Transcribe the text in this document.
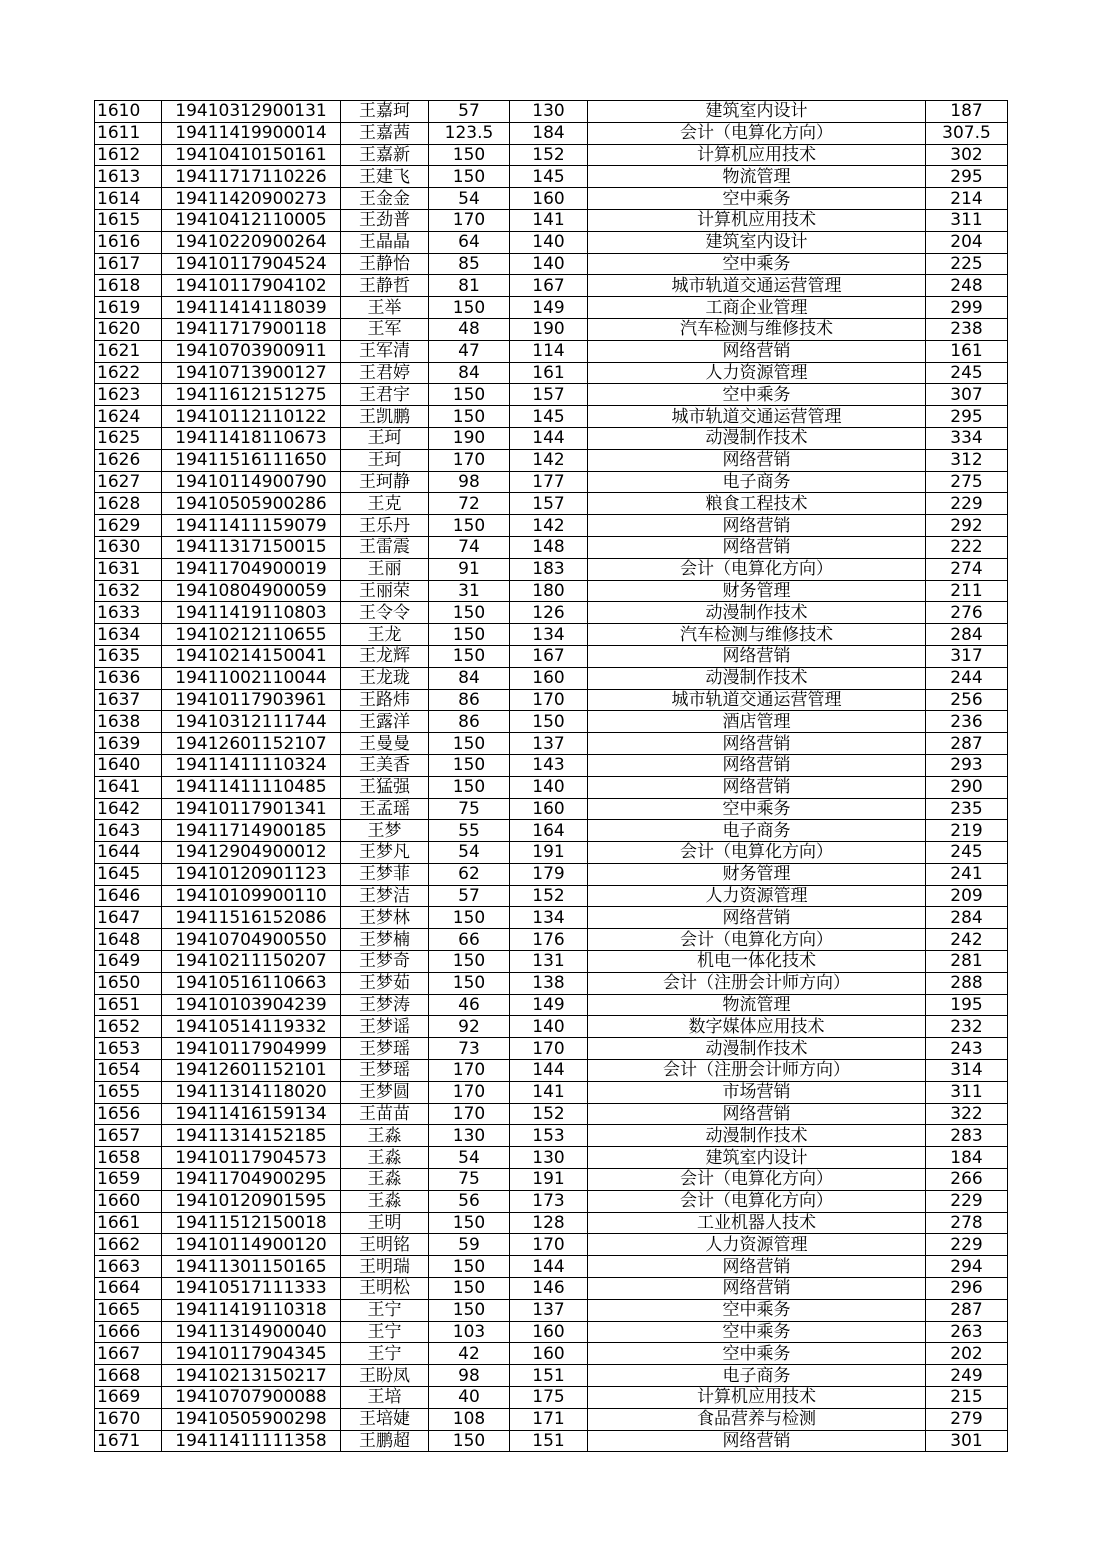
1610	19410312900131	王嘉珂	57	130	建筑室内设计	187
1611	19411419900014	王嘉茜	123.5	184	会计（电算化方向）	307.5
1612	19410410150161	王嘉新	150	152	计算机应用技术	302
1613	19411717110226	王建飞	150	145	物流管理	295
1614	19411420900273	王金金	54	160	空中乘务	214
1615	19410412110005	王劲普	170	141	计算机应用技术	311
1616	19410220900264	王晶晶	64	140	建筑室内设计	204
1617	19410117904524	王静怡	85	140	空中乘务	225
1618	19410117904102	王静哲	81	167	城市轨道交通运营管理	248
1619	19411414118039	王举	150	149	工商企业管理	299
1620	19411717900118	王军	48	190	汽车检测与维修技术	238
1621	19410703900911	王军清	47	114	网络营销	161
1622	19410713900127	王君婷	84	161	人力资源管理	245
1623	19411612151275	王君宇	150	157	空中乘务	307
1624	19410112110122	王凯鹏	150	145	城市轨道交通运营管理	295
1625	19411418110673	王珂	190	144	动漫制作技术	334
1626	19411516111650	王珂	170	142	网络营销	312
1627	19410114900790	王珂静	98	177	电子商务	275
1628	19410505900286	王克	72	157	粮食工程技术	229
1629	19411411159079	王乐丹	150	142	网络营销	292
1630	19411317150015	王雷震	74	148	网络营销	222
1631	19411704900019	王丽	91	183	会计（电算化方向）	274
1632	19410804900059	王丽荣	31	180	财务管理	211
1633	19411419110803	王令令	150	126	动漫制作技术	276
1634	19410212110655	王龙	150	134	汽车检测与维修技术	284
1635	19410214150041	王龙辉	150	167	网络营销	317
1636	19411002110044	王龙珑	84	160	动漫制作技术	244
1637	19410117903961	王路炜	86	170	城市轨道交通运营管理	256
1638	19410312111744	王露洋	86	150	酒店管理	236
1639	19412601152107	王曼曼	150	137	网络营销	287
1640	19411411110324	王美香	150	143	网络营销	293
1641	19411411110485	王猛强	150	140	网络营销	290
1642	19410117901341	王孟瑶	75	160	空中乘务	235
1643	19411714900185	王梦	55	164	电子商务	219
1644	19412904900012	王梦凡	54	191	会计（电算化方向）	245
1645	19410120901123	王梦菲	62	179	财务管理	241
1646	19410109900110	王梦洁	57	152	人力资源管理	209
1647	19411516152086	王梦林	150	134	网络营销	284
1648	19410704900550	王梦楠	66	176	会计（电算化方向）	242
1649	19410211150207	王梦奇	150	131	机电一体化技术	281
1650	19410516110663	王梦茹	150	138	会计（注册会计师方向）	288
1651	19410103904239	王梦涛	46	149	物流管理	195
1652	19410514119332	王梦谣	92	140	数字媒体应用技术	232
1653	19410117904999	王梦瑶	73	170	动漫制作技术	243
1654	19412601152101	王梦瑶	170	144	会计（注册会计师方向）	314
1655	19411314118020	王梦圆	170	141	市场营销	311
1656	19411416159134	王苗苗	170	152	网络营销	322
1657	19411314152185	王淼	130	153	动漫制作技术	283
1658	19410117904573	王淼	54	130	建筑室内设计	184
1659	19411704900295	王淼	75	191	会计（电算化方向）	266
1660	19410120901595	王淼	56	173	会计（电算化方向）	229
1661	19411512150018	王明	150	128	工业机器人技术	278
1662	19410114900120	王明铭	59	170	人力资源管理	229
1663	19411301150165	王明瑞	150	144	网络营销	294
1664	19410517111333	王明松	150	146	网络营销	296
1665	19411419110318	王宁	150	137	空中乘务	287
1666	19411314900040	王宁	103	160	空中乘务	263
1667	19410117904345	王宁	42	160	空中乘务	202
1668	19410213150217	王盼凤	98	151	电子商务	249
1669	19410707900088	王培	40	175	计算机应用技术	215
1670	19410505900298	王培婕	108	171	食品营养与检测	279
1671	19411411111358	王鹏超	150	151	网络营销	301
